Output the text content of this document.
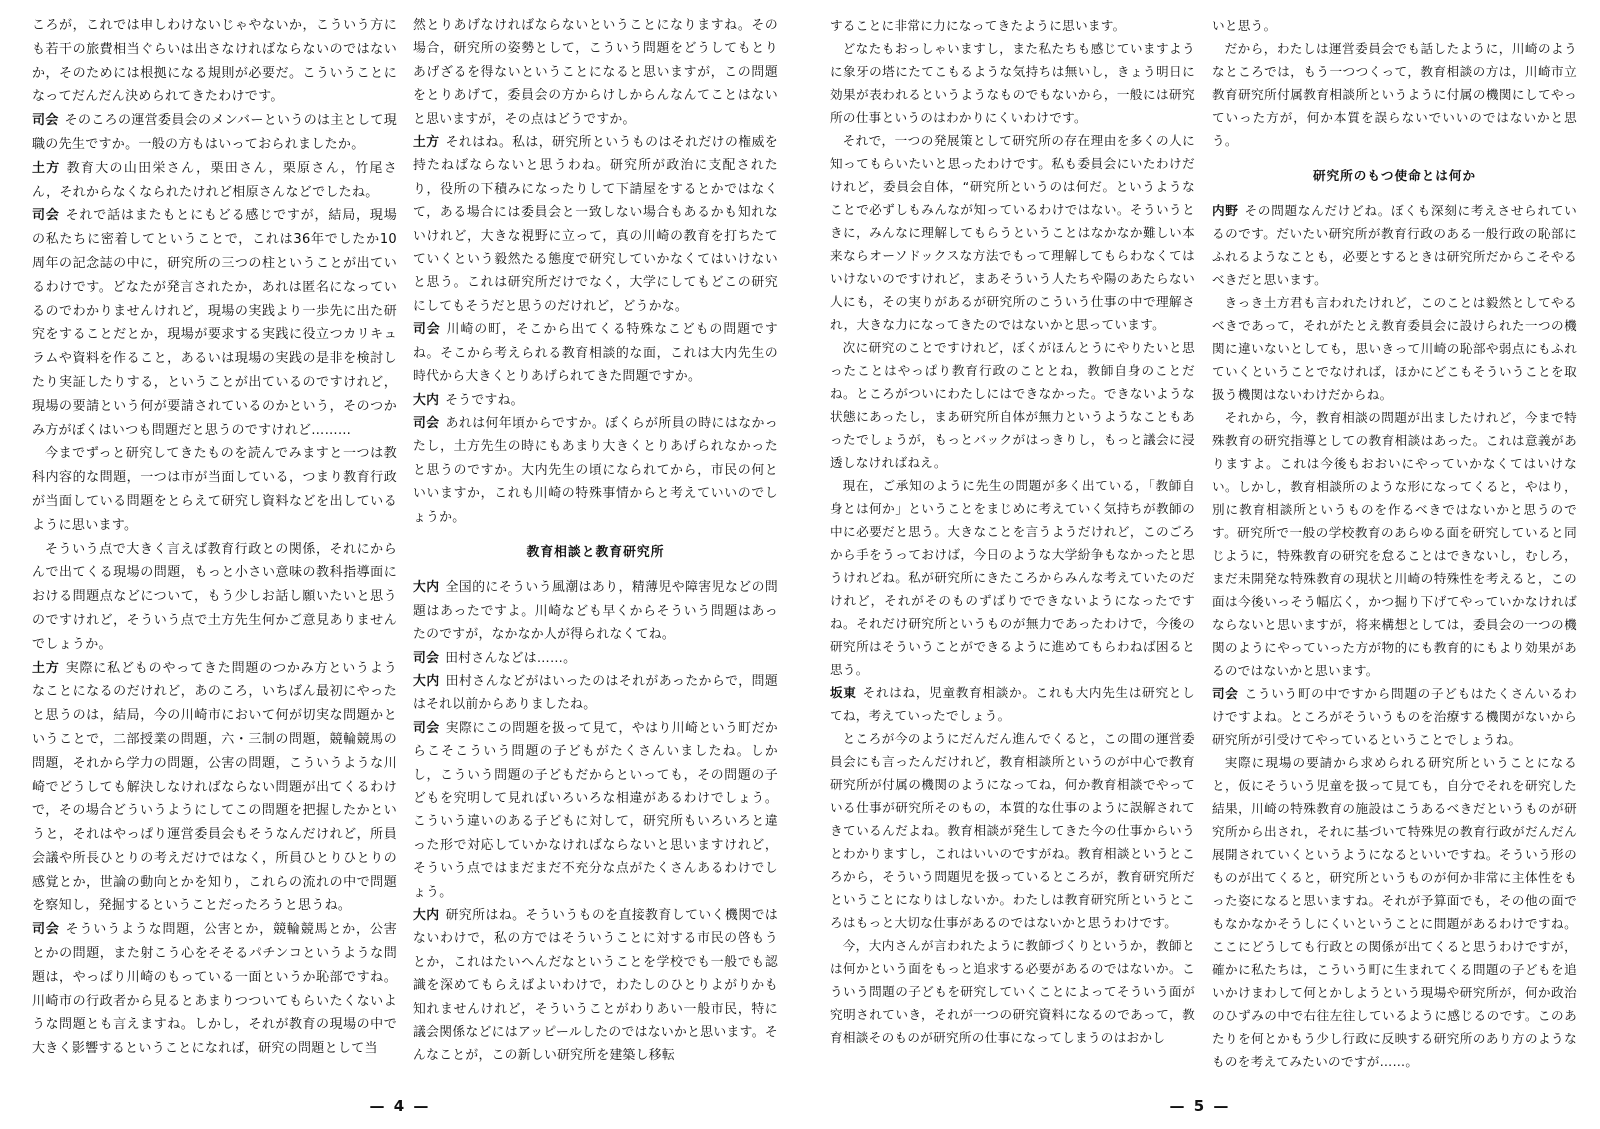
ころが，これでは申しわけないじゃやないか，こういう方にも若干の旅費相当ぐらいは出さなければならないのではないか，そのためには根拠になる規則が必要だ。こういうことになってだんだん決められてきたわけです。

司会 そのころの運営委員会のメンバーというのは主として現職の先生ですか。一般の方もはいっておられましたか。

土方 教育大の山田栄さん，栗田さん，栗原さん，竹尾さん，それからなくなられたけれど相原さんなどでしたね。

司会 それで話はまたもとにもどる感じですが，結局，現場の私たちに密着してということで，これは36年でしたか10周年の記念誌の中に，研究所の三つの柱ということが出ているわけです。どなたが発言されたか，あれは匿名になっているのでわかりませんけれど，現場の実践より一歩先に出た研究をすることだとか，現場が要求する実践に役立つカリキュラムや資料を作ること，あるいは現場の実践の是非を検討したり実証したりする，ということが出ているのですけれど，現場の要請という何が要請されているのかという，そのつかみ方がぼくはいつも問題だと思うのですけれど………

今までずっと研究してきたものを読んでみますと一つは教科内容的な問題，一つは市が当面している，つまり教育行政が当面している問題をとらえて研究し資料などを出しているように思います。

そういう点で大きく言えば教育行政との関係，それにからんで出てくる現場の問題，もっと小さい意味の教科指導面における問題点などについて，もう少しお話し願いたいと思うのですけれど，そういう点で土方先生何かご意見ありませんでしょうか。

土方 実際に私どものやってきた問題のつかみ方というようなことになるのだけれど，あのころ，いちばん最初にやったと思うのは，結局，今の川崎市において何が切実な問題かということで，二部授業の問題，六・三制の問題，競輪競馬の問題，それから学力の問題，公害の問題，こういうような川崎でどうしても解決しなければならない問題が出てくるわけで，その場合どういうようにしてこの問題を把握したかというと，それはやっぱり運営委員会もそうなんだけれど，所員会議や所長ひとりの考えだけではなく，所員ひとりひとりの感覚とか，世論の動向とかを知り，これらの流れの中で問題を察知し，発掘するということだったろうと思うね。

司会 そういうような問題，公害とか，競輪競馬とか，公害とかの問題，また射こう心をそそるパチンコというような問題は，やっぱり川崎のもっている一面というか恥部ですね。川崎市の行政者から見るとあまりつついてもらいたくないような問題とも言えますね。しかし，それが教育の現場の中で大きく影響するということになれば，研究の問題として当

然とりあげなければならないということになりますね。その場合，研究所の姿勢として，こういう問題をどうしてもとりあげざるを得ないということになると思いますが，この問題をとりあげて，委員会の方からけしからんなんてことはないと思いますが，その点はどうですか。

土方 それはね。私は，研究所というものはそれだけの権威を持たねばならないと思うわね。研究所が政治に支配されたり，役所の下積みになったりして下請屋をするとかではなくて，ある場合には委員会と一致しない場合もあるかも知れないけれど，大きな視野に立って，真の川崎の教育を打ちたてていくという毅然たる態度で研究していかなくてはいけないと思う。これは研究所だけでなく，大学にしてもどこの研究にしてもそうだと思うのだけれど，どうかな。

司会 川崎の町，そこから出てくる特殊なこどもの問題ですね。そこから考えられる教育相談的な面，これは大内先生の時代から大きくとりあげられてきた問題ですか。

大内 そうですね。

司会 あれは何年頃からですか。ぼくらが所員の時にはなかったし，土方先生の時にもあまり大きくとりあげられなかったと思うのですか。大内先生の頃になられてから，市民の何といいますか，これも川崎の特殊事情からと考えていいのでしょうか。

教育相談と教育研究所

大内 全国的にそういう風潮はあり，精薄児や障害児などの問題はあったですよ。川崎なども早くからそういう問題はあったのですが，なかなか人が得られなくてね。

司会 田村さんなどは……。

大内 田村さんなどがはいったのはそれがあったからで，問題はそれ以前からありましたね。

司会 実際にこの問題を扱って見て，やはり川崎という町だからこそこういう問題の子どもがたくさんいましたね。しかし，こういう問題の子どもだからといっても，その問題の子どもを究明して見ればいろいろな相違があるわけでしょう。こういう違いのある子どもに対して，研究所もいろいろと違った形で対応していかなければならないと思いますけれど，そういう点ではまだまだ不充分な点がたくさんあるわけでしょう。

大内 研究所はね。そういうものを直接教育していく機関ではないわけで，私の方ではそういうことに対する市民の啓もうとか，これはたいへんだなということを学校でも一般でも認識を深めてもらえばよいわけで，わたしのひとりよがりかも知れませんけれど，そういうことがわりあい一般市民，特に議会関係などにはアッピールしたのではないかと思います。そんなことが，この新しい研究所を建築し移転

— 4 —

することに非常に力になってきたように思います。

どなたもおっしゃいますし，また私たちも感じていますように象牙の塔にたてこもるような気持ちは無いし，きょう明日に効果が表われるというようなものでもないから，一般には研究所の仕事というのはわかりにくいわけです。

それで，一つの発展策として研究所の存在理由を多くの人に知ってもらいたいと思ったわけです。私も委員会にいたわけだけれど，委員会自体，“研究所というのは何だ。というようなことで必ずしもみんなが知っているわけではない。そういうときに，みんなに理解してもらうということはなかなか難しい本来ならオーソドックスな方法でもって理解してもらわなくてはいけないのですけれど，まあそういう人たちや陽のあたらない人にも，その実りがあるが研究所のこういう仕事の中で理解され，大きな力になってきたのではないかと思っています。

次に研究のことですけれど，ぼくがほんとうにやりたいと思ったことはやっぱり教育行政のこととね，教師自身のことだね。ところがついにわたしにはできなかった。できないような状態にあったし，まあ研究所自体が無力というようなこともあったでしょうが，もっとバックがはっきりし，もっと議会に浸透しなければねえ。

現在，ご承知のように先生の問題が多く出ている，「教師自身とは何か」ということをまじめに考えていく気持ちが教師の中に必要だと思う。大きなことを言うようだけれど，このごろから手をうっておけば，今日のような大学紛争もなかったと思うけれどね。私が研究所にきたころからみんな考えていたのだけれど，それがそのものずばりでできないようになったですね。それだけ研究所というものが無力であったわけで，今後の研究所はそういうことができるように進めてもらわねば困ると思う。

坂東 それはね，児童教育相談か。これも大内先生は研究としてね，考えていったでしょう。

ところが今のようにだんだん進んでくると，この間の運営委員会にも言ったんだけれど，教育相談所というのが中心で教育研究所が付属の機関のようになってね，何か教育相談でやっている仕事が研究所そのもの，本質的な仕事のように誤解されてきているんだよね。教育相談が発生してきた今の仕事からいうとわかりますし，これはいいのですがね。教育相談というところから，そういう問題児を扱っているところが，教育研究所だということになりはしないか。わたしは教育研究所というところはもっと大切な仕事があるのではないかと思うわけです。

今，大内さんが言われたように教師づくりというか，教師とは何かという面をもっと追求する必要があるのではないか。こういう問題の子どもを研究していくことによってそういう面が究明されていき，それが一つの研究資料になるのであって，教育相談そのものが研究所の仕事になってしまうのはおかし

いと思う。

だから，わたしは運営委員会でも話したように，川崎のようなところでは，もう一つつくって，教育相談の方は，川崎市立教育研究所付属教育相談所というように付属の機関にしてやっていった方が，何か本質を誤らないでいいのではないかと思う。

研究所のもつ使命とは何か

内野 その問題なんだけどね。ぼくも深刻に考えさせられているのです。だいたい研究所が教育行政のある一般行政の恥部にふれるようなことも，必要とするときは研究所だからこそやるべきだと思います。

きっき土方君も言われたけれど，このことは毅然としてやるべきであって，それがたとえ教育委員会に設けられた一つの機関に違いないとしても，思いきって川崎の恥部や弱点にもふれていくということでなければ，ほかにどこもそういうことを取扱う機関はないわけだからね。

それから，今，教育相談の問題が出ましたけれど，今まで特殊教育の研究指導としての教育相談はあった。これは意義がありますよ。これは今後もおおいにやっていかなくてはいけない。しかし，教育相談所のような形になってくると，やはり，別に教育相談所というものを作るべきではないかと思うのです。研究所で一般の学校教育のあらゆる面を研究していると同じように，特殊教育の研究を怠ることはできないし，むしろ，まだ未開発な特殊教育の現状と川崎の特殊性を考えると，この面は今後いっそう幅広く，かつ掘り下げてやっていかなければならないと思いますが，将来構想としては，委員会の一つの機関のようにやっていった方が物的にも教育的にもより効果があるのではないかと思います。

司会 こういう町の中ですから問題の子どもはたくさんいるわけですよね。ところがそういうものを治療する機関がないから研究所が引受けてやっているということでしょうね。

実際に現場の要請から求められる研究所ということになると，仮にそういう児童を扱って見ても，自分でそれを研究した結果，川崎の特殊教育の施設はこうあるべきだというものが研究所から出され，それに基づいて特殊児の教育行政がだんだん展開されていくというようになるといいですね。そういう形のものが出てくると，研究所というものが何か非常に主体性をもった姿になると思いますね。それが予算面でも，その他の面でもなかなかそうしにくいということに問題があるわけですね。ここにどうしても行政との関係が出てくると思うわけですが，確かに私たちは，こういう町に生まれてくる問題の子どもを追いかけまわして何とかしようという現場や研究所が，何か政治のひずみの中で右往左往しているように感じるのです。このあたりを何とかもう少し行政に反映する研究所のあり方のようなものを考えてみたいのですが……。

— 5 —
